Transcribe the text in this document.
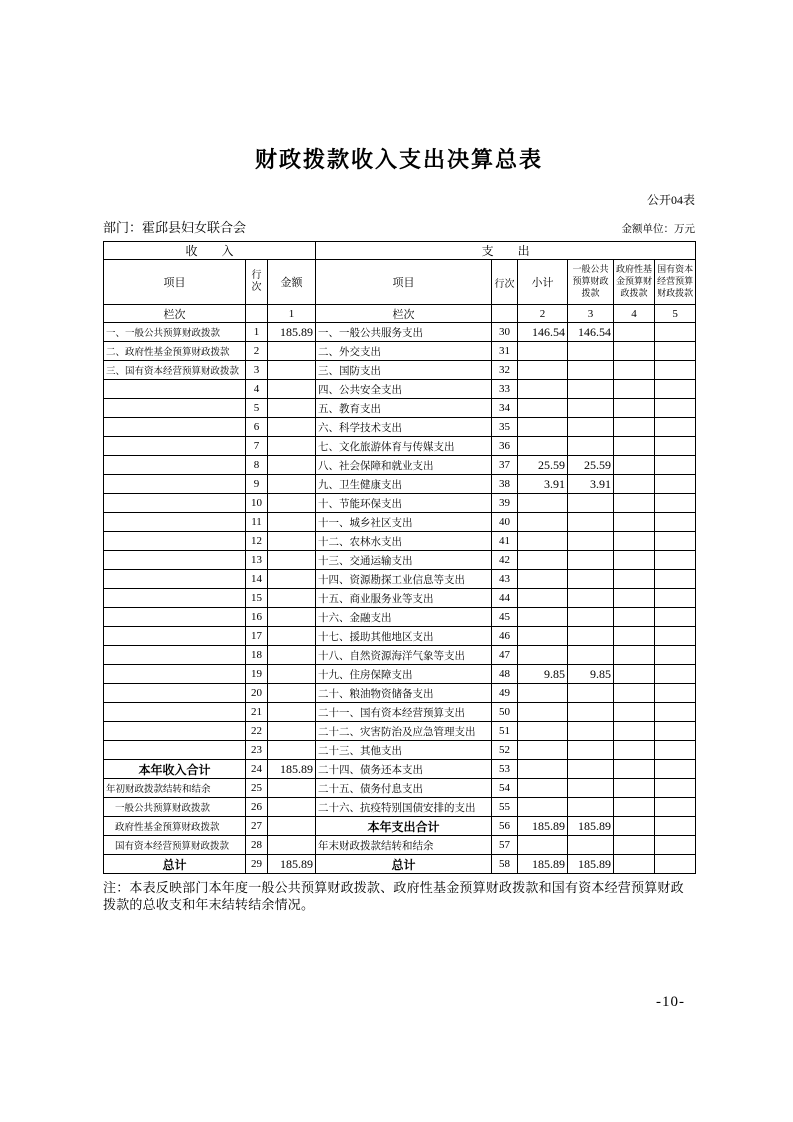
财政拨款收入支出决算总表
公开04表
部门：霍邱县妇女联合会	金额单位：万元
收　　入			支　　出					
项目	行次	金额	项目	行次	小计	一般公共预算财政拨款	政府性基金预算财政拨款	国有资本经营预算财政拨款
栏次		1	栏次		2	3	4	5
一、一般公共预算财政拨款	1	185.89	一、一般公共服务支出	30	146.54	146.54		
二、政府性基金预算财政拨款	2		二、外交支出	31				
三、国有资本经营预算财政拨款	3		三、国防支出	32				
	4		四、公共安全支出	33				
	5		五、教育支出	34				
	6		六、科学技术支出	35				
	7		七、文化旅游体育与传媒支出	36				
	8		八、社会保障和就业支出	37	25.59	25.59		
	9		九、卫生健康支出	38	3.91	3.91		
	10		十、节能环保支出	39				
	11		十一、城乡社区支出	40				
	12		十二、农林水支出	41				
	13		十三、交通运输支出	42				
	14		十四、资源勘探工业信息等支出	43				
	15		十五、商业服务业等支出	44				
	16		十六、金融支出	45				
	17		十七、援助其他地区支出	46				
	18		十八、自然资源海洋气象等支出	47				
	19		十九、住房保障支出	48	9.85	9.85		
	20		二十、粮油物资储备支出	49				
	21		二十一、国有资本经营预算支出	50				
	22		二十二、灾害防治及应急管理支出	51				
	23		二十三、其他支出	52				
本年收入合计	24	185.89	二十四、债务还本支出	53				
年初财政拨款结转和结余	25		二十五、债务付息支出	54				
一般公共预算财政拨款	26		二十六、抗疫特别国债安排的支出	55				
政府性基金预算财政拨款	27		本年支出合计	56	185.89	185.89		
国有资本经营预算财政拨款	28		年末财政拨款结转和结余	57				
总计	29	185.89	总计	58	185.89	185.89		
注：本表反映部门本年度一般公共预算财政拨款、政府性基金预算财政拨款和国有资本经营预算财政拨款的总收支和年末结转结余情况。
-10-
